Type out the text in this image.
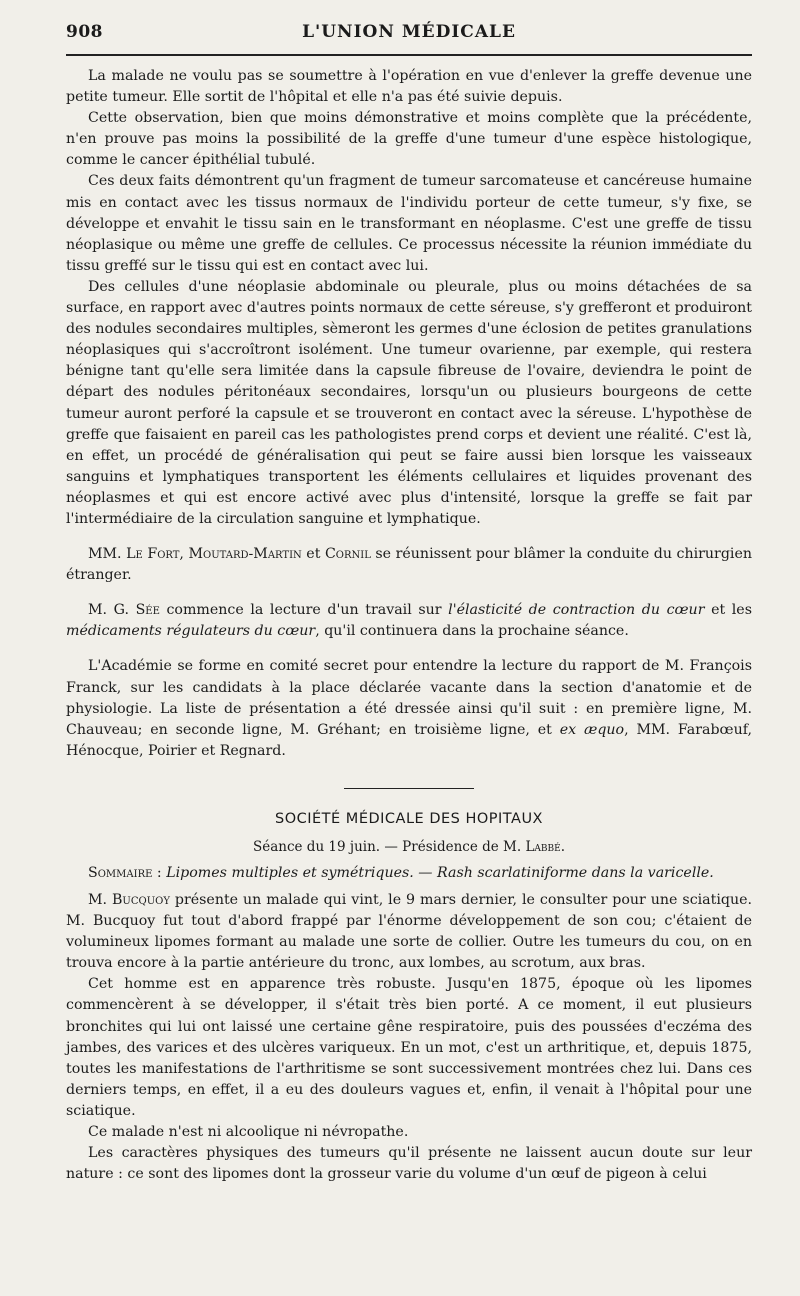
908	L'UNION MÉDICALE

La malade ne voulu pas se soumettre à l'opération en vue d'enlever la greffe devenue une petite tumeur. Elle sortit de l'hôpital et elle n'a pas été suivie depuis.

Cette observation, bien que moins démonstrative et moins complète que la précédente, n'en prouve pas moins la possibilité de la greffe d'une tumeur d'une espèce histologique, comme le cancer épithélial tubulé.

Ces deux faits démontrent qu'un fragment de tumeur sarcomateuse et cancéreuse humaine mis en contact avec les tissus normaux de l'individu porteur de cette tumeur, s'y fixe, se développe et envahit le tissu sain en le transformant en néoplasme. C'est une greffe de tissu néoplasique ou même une greffe de cellules. Ce processus nécessite la réunion immédiate du tissu greffé sur le tissu qui est en contact avec lui.

Des cellules d'une néoplasie abdominale ou pleurale, plus ou moins détachées de sa surface, en rapport avec d'autres points normaux de cette séreuse, s'y grefferont et produiront des nodules secondaires multiples, sèmeront les germes d'une éclosion de petites granulations néoplasiques qui s'accroîtront isolément. Une tumeur ovarienne, par exemple, qui restera bénigne tant qu'elle sera limitée dans la capsule fibreuse de l'ovaire, deviendra le point de départ des nodules péritonéaux secondaires, lorsqu'un ou plusieurs bourgeons de cette tumeur auront perforé la capsule et se trouveront en contact avec la séreuse. L'hypothèse de greffe que faisaient en pareil cas les pathologistes prend corps et devient une réalité. C'est là, en effet, un procédé de généralisation qui peut se faire aussi bien lorsque les vaisseaux sanguins et lymphatiques transportent les éléments cellulaires et liquides provenant des néoplasmes et qui est encore activé avec plus d'intensité, lorsque la greffe se fait par l'intermédiaire de la circulation sanguine et lymphatique.

MM. Le Fort, Moutard-Martin et Cornil se réunissent pour blâmer la conduite du chirurgien étranger.

M. G. Sée commence la lecture d'un travail sur l'élasticité de contraction du cœur et les médicaments régulateurs du cœur, qu'il continuera dans la prochaine séance.

L'Académie se forme en comité secret pour entendre la lecture du rapport de M. François Franck, sur les candidats à la place déclarée vacante dans la section d'anatomie et de physiologie. La liste de présentation a été dressée ainsi qu'il suit : en première ligne, M. Chauveau; en seconde ligne, M. Gréhant; en troisième ligne, et ex æquo, MM. Farabœuf, Hénocque, Poirier et Regnard.

SOCIÉTÉ MÉDICALE DES HOPITAUX
Séance du 19 juin. — Présidence de M. Labbé.
Sommaire : Lipomes multiples et symétriques. — Rash scarlatiniforme dans la varicelle.

M. Bucquoy présente un malade qui vint, le 9 mars dernier, le consulter pour une sciatique. M. Bucquoy fut tout d'abord frappé par l'énorme développement de son cou; c'étaient de volumineux lipomes formant au malade une sorte de collier. Outre les tumeurs du cou, on en trouva encore à la partie antérieure du tronc, aux lombes, au scrotum, aux bras.

Cet homme est en apparence très robuste. Jusqu'en 1875, époque où les lipomes commencèrent à se développer, il s'était très bien porté. A ce moment, il eut plusieurs bronchites qui lui ont laissé une certaine gêne respiratoire, puis des poussées d'eczéma des jambes, des varices et des ulcères variqueux. En un mot, c'est un arthritique, et, depuis 1875, toutes les manifestations de l'arthritisme se sont successivement montrées chez lui. Dans ces derniers temps, en effet, il a eu des douleurs vagues et, enfin, il venait à l'hôpital pour une sciatique.

Ce malade n'est ni alcoolique ni névropathe.

Les caractères physiques des tumeurs qu'il présente ne laissent aucun doute sur leur nature : ce sont des lipomes dont la grosseur varie du volume d'un œuf de pigeon à celui
